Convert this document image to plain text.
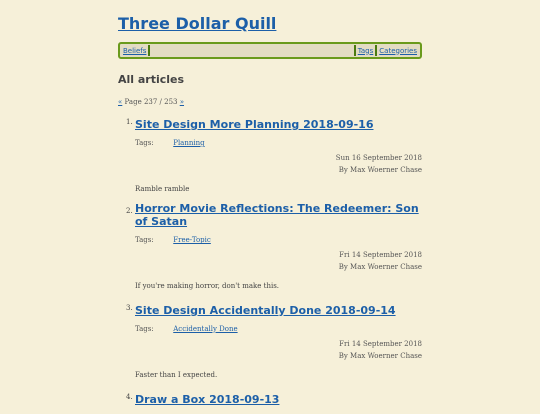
Three Dollar Quill
Beliefs	Tags Categories
All articles
« Page 237 / 253 »
1. Site Design More Planning 2018-09-16
Tags:	Planning
Sun 16 September 2018
By Max Woerner Chase
Ramble ramble
2. Horror Movie Reflections: The Redeemer: Son of Satan
Tags:	Free-Topic
Fri 14 September 2018
By Max Woerner Chase
If you're making horror, don't make this.
3. Site Design Accidentally Done 2018-09-14
Tags:	Accidentally Done
Fri 14 September 2018
By Max Woerner Chase
Faster than I expected.
4. Draw a Box 2018-09-13
